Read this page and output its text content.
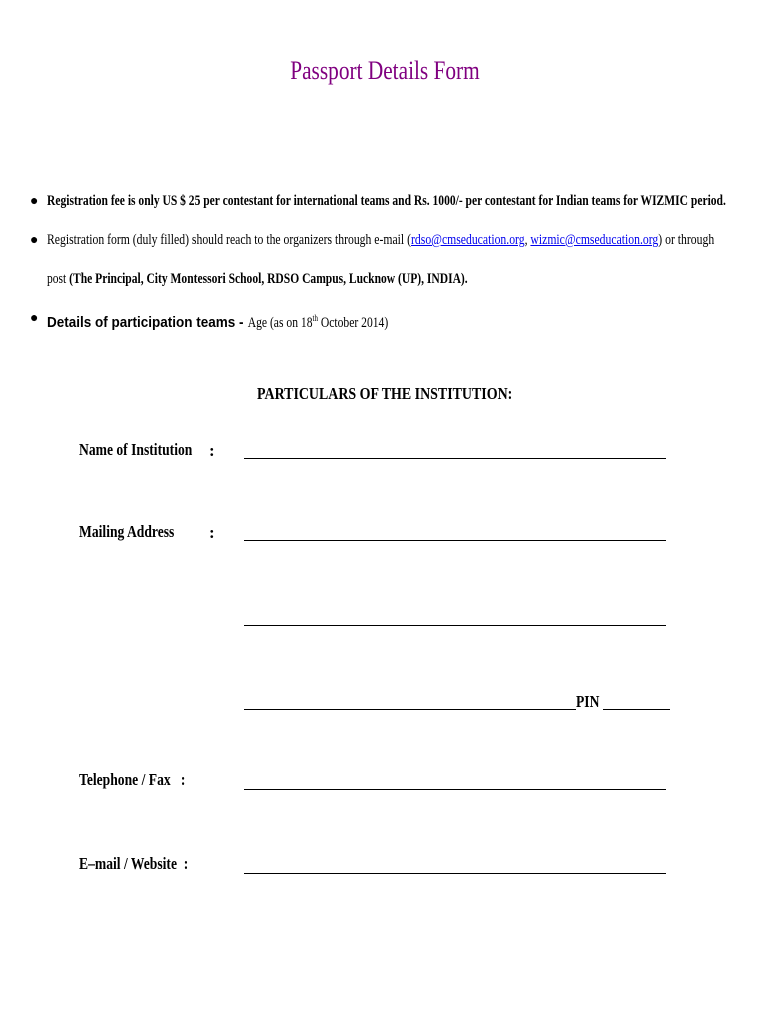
Passport Details Form
● Registration fee is only US $ 25 per contestant for international teams and Rs. 1000/- per contestant for Indian teams for WIZMIC period.
● Registration form (duly filled) should reach to the organizers through e-mail (rdso@cmseducation.org, wizmic@cmseducation.org) or through
post (The Principal, City Montessori School, RDSO Campus, Lucknow (UP), INDIA).
● Details of participation teams - Age (as on 18th October 2014)
PARTICULARS OF THE INSTITUTION:
Name of Institution :
Mailing Address	:
PIN
Telephone / Fax   :
E–mail / Website  :
